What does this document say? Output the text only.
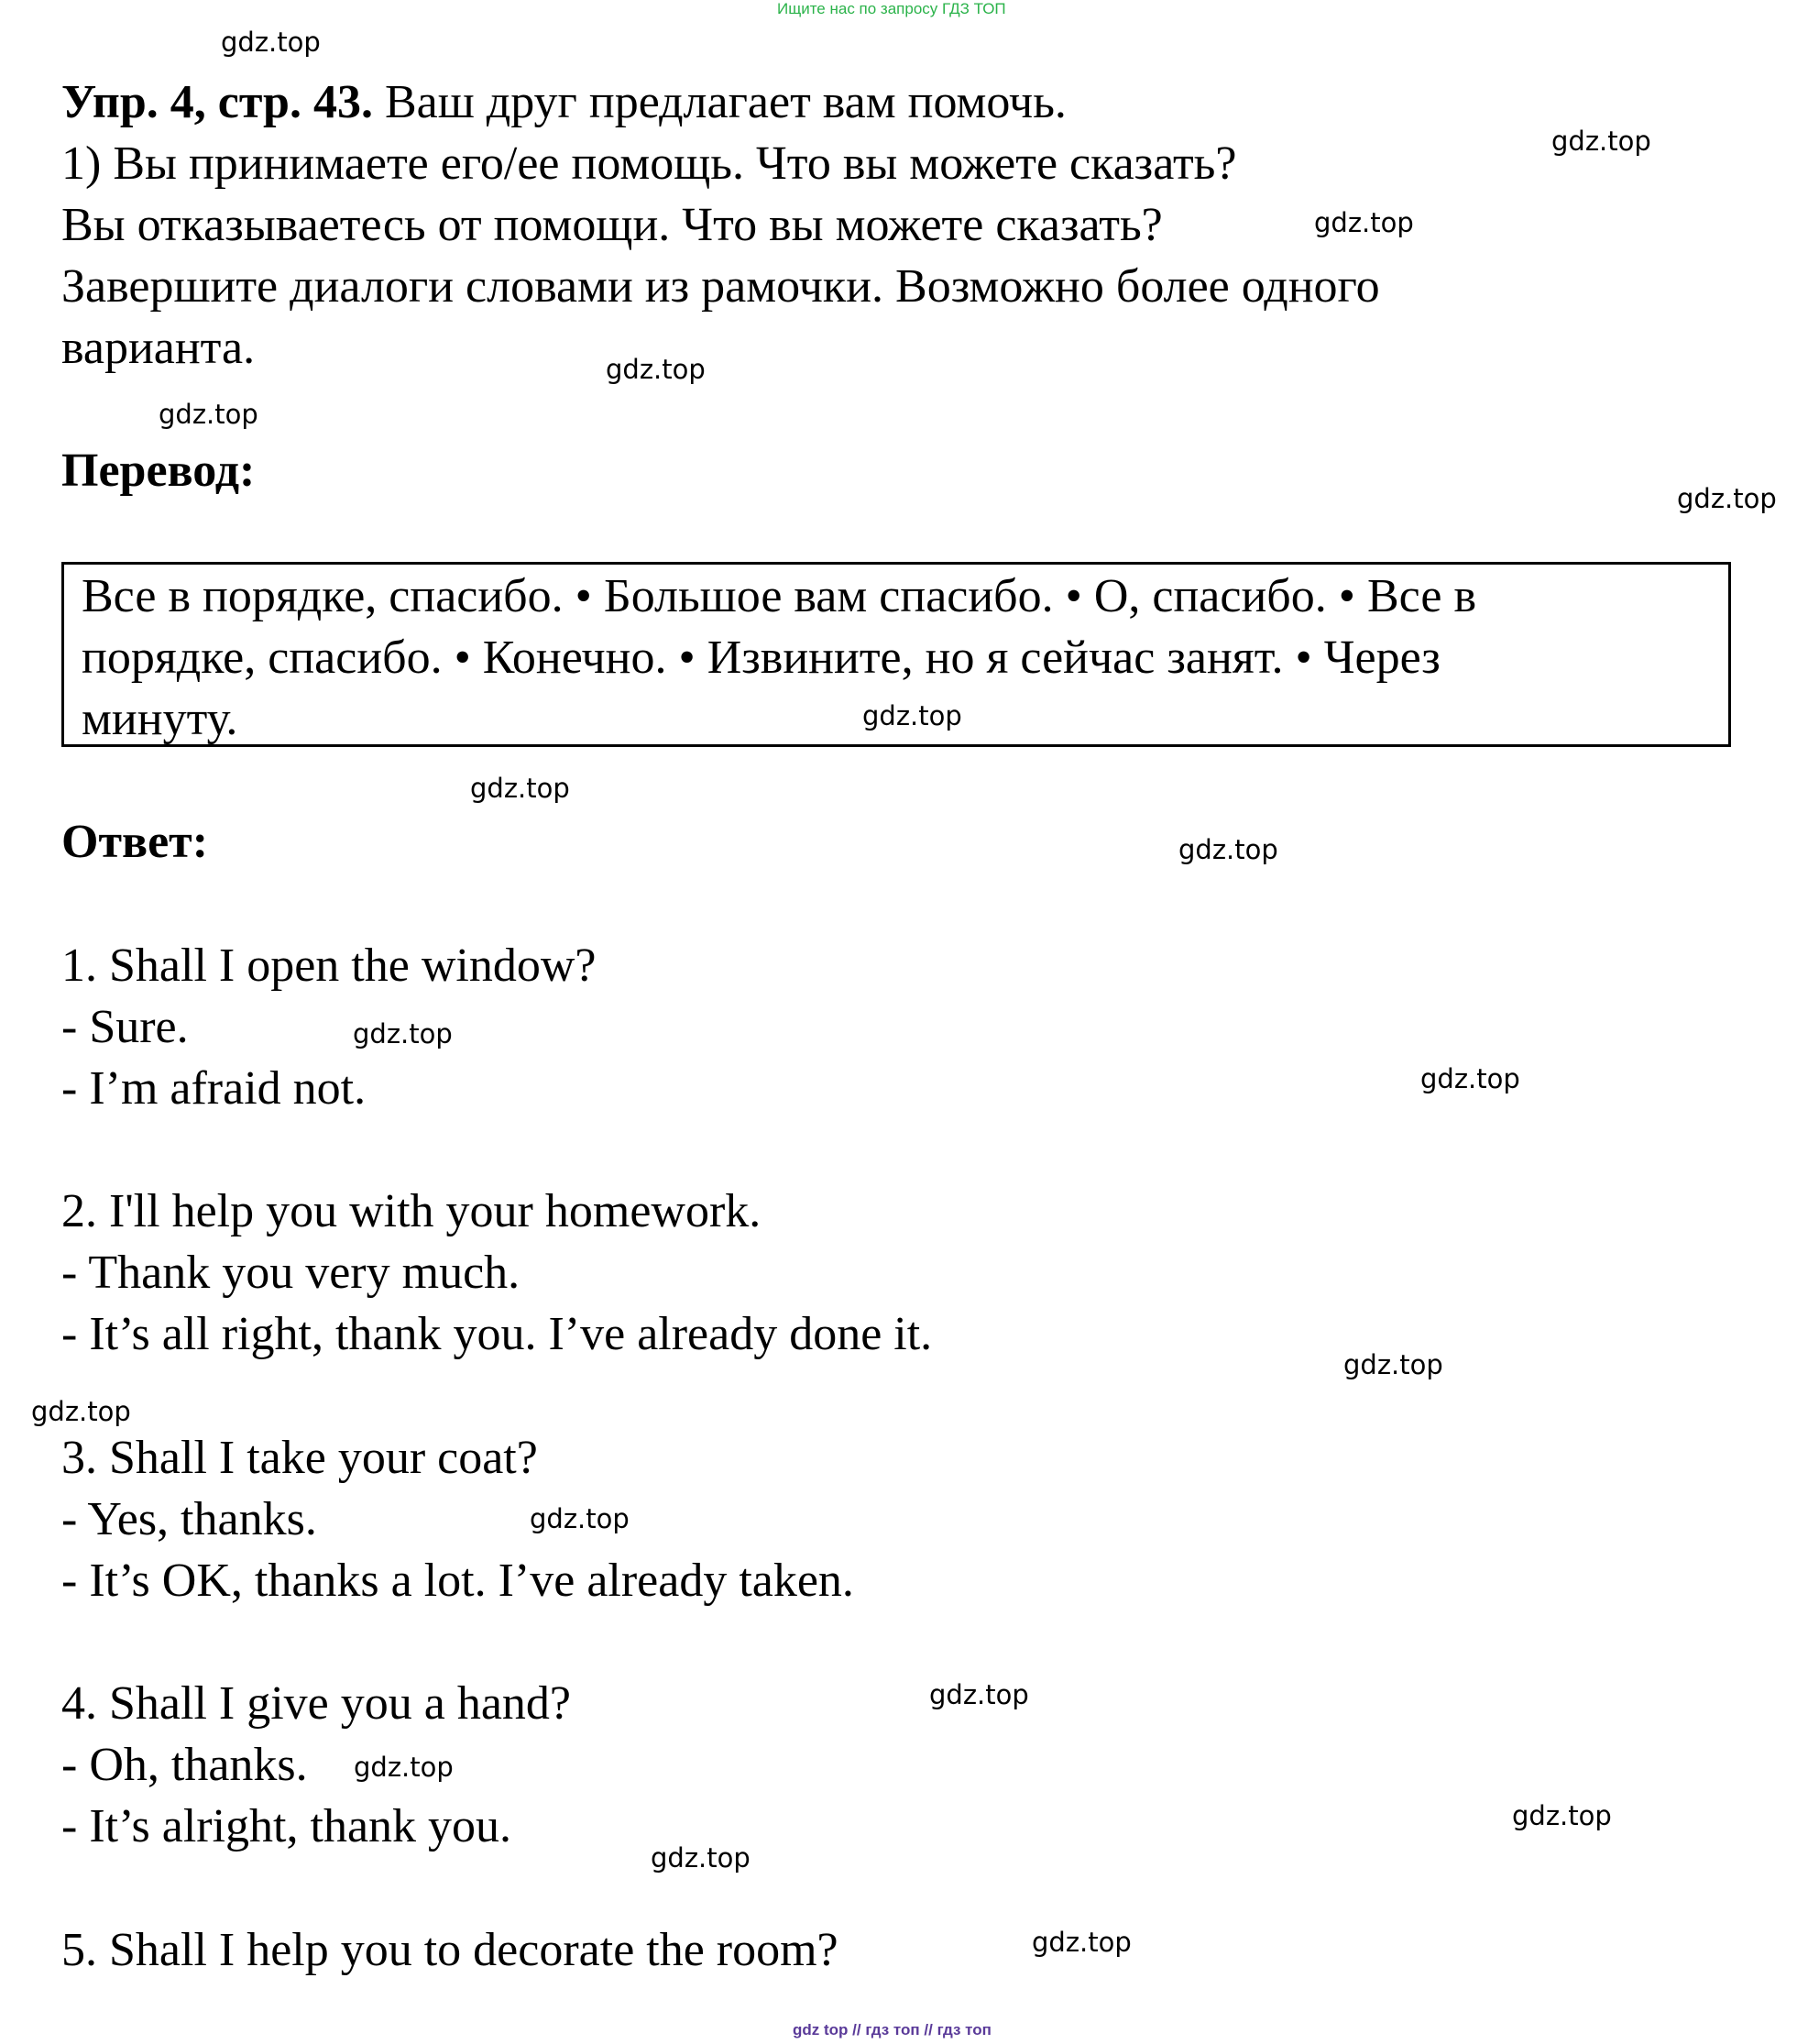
Ищите нас по запросу ГДЗ ТОП
Упр. 4, стр. 43. Ваш друг предлагает вам помочь.
1) Вы принимаете его/ее помощь. Что вы можете сказать?
Вы отказываетесь от помощи. Что вы можете сказать?
Завершите диалоги словами из рамочки. Возможно более одного
варианта.
Перевод:
Все в порядке, спасибо. • Большое вам спасибо. • О, спасибо. • Все в
порядке, спасибо. • Конечно. • Извините, но я сейчас занят. • Через
минуту.
Ответ:
1. Shall I open the window?
- Sure.
- I’m afraid not.
2. I'll help you with your homework.
- Thank you very much.
- It’s all right, thank you. I’ve already done it.
3. Shall I take your coat?
- Yes, thanks.
- It’s OK, thanks a lot. I’ve already taken.
4. Shall I give you a hand?
- Oh, thanks.
- It’s alright, thank you.
5. Shall I help you to decorate the room?
gdz.top
gdz.top
gdz.top
gdz.top
gdz.top
gdz.top
gdz.top
gdz.top
gdz.top
gdz.top
gdz.top
gdz.top
gdz.top
gdz.top
gdz.top
gdz.top
gdz.top
gdz.top
gdz.top
gdz top // гдз топ // гдз топ
